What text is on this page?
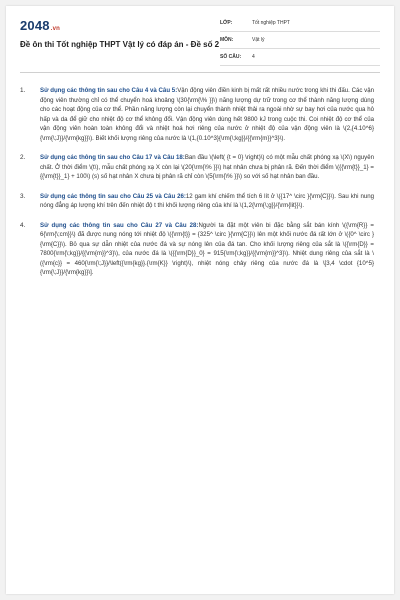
2048.vn
Đề ôn thi Tốt nghiệp THPT Vật lý có đáp án - Đề số 2
LỚP:	Tốt nghiệp THPT
MÔN:	Vật lý
SỐ CÂU:	4
1.	Sử dụng các thông tin sau cho Câu 4 và Câu 5:Vận động viên điền kinh bị mất rất nhiều nước trong khi thi đấu. Các vận động viên thường chỉ có thể chuyển hoá khoảng \(30{\rm{\% }}\) năng lượng dự trữ trong cơ thể thành năng lượng dùng cho các hoạt động của cơ thể. Phần năng lượng còn lại chuyển thành nhiệt thải ra ngoài nhờ sự bay hơi của nước qua hô hấp và da để giữ cho nhiệt độ cơ thể không đổi. Vận động viên dùng hết 9800 kJ trong cuộc thi. Coi nhiệt độ cơ thể của vận động viên hoàn toàn không đổi và nhiệt hoá hơi riêng của nước ở nhiệt độ của vận động viên là \(2,{4.10^6}{\rm{\;J}}/{\rm{kg}}\). Biết khối lượng riêng của nước là \(1,{0.10^3}{\rm{\;kg}}/{{\rm{m}}^3}\).
2.	Sử dụng các thông tin sau cho Câu 17 và Câu 18:Ban đầu \(\left( {t = 0} \right)\) có một mẫu chất phóng xạ \(X\) nguyên chất. Ở thời điểm \(t\), mẫu chất phóng xạ X còn lại \(20{\rm{\% }}\) hạt nhân chưa bị phân rã. Đến thời điểm \({{\rm{t}}_1} = {{\rm{t}}_1} + 100\) (s) số hạt nhân X chưa bị phân rã chỉ còn \(5{\rm{\% }}\) so với số hạt nhân ban đầu.
3.	Sử dụng các thông tin sau cho Câu 25 và Câu 26:12 gam khí chiếm thể tích 6 lít ở \({17^ \circ }{\rm{C}}\). Sau khi nung nóng đẳng áp lượng khí trên đến nhiệt độ t thì khối lượng riêng của khí là \(1,2{\rm{\;g}}/{\rm{lit}}\).
4.	Sử dụng các thông tin sau cho Câu 27 và Câu 28:Người ta đặt một viên bi đặc bằng sắt bán kính \({\rm{R}} = 6{\rm{\;cm}}\) đã được nung nóng tới nhiệt độ \({\rm{t}} = {325^ \circ }{\rm{C}}\) lên một khối nước đá rất lớn ở \({0^ \circ }{\rm{C}}\). Bỏ qua sự dẫn nhiệt của nước đá và sự nóng lên của đá tan. Cho khối lượng riêng của sắt là \({\rm{D}} = 7800{\rm{\;kg}}/{{\rm{m}}^3}\), của nước đá là \({{\rm{D}}_0} = 915{\rm{\;kg}}/{{\rm{m}}^3}\). Nhiệt dung riêng của sắt là \({\rm{c}} = 460{\rm{\;J}}/\left({\rm{kg}}.{\rm{K}} \right)\), nhiệt nóng chảy riêng của nước đá là \[3,4 \cdot {10^5}{\rm{\;J}}/{\rm{kg}}\].
